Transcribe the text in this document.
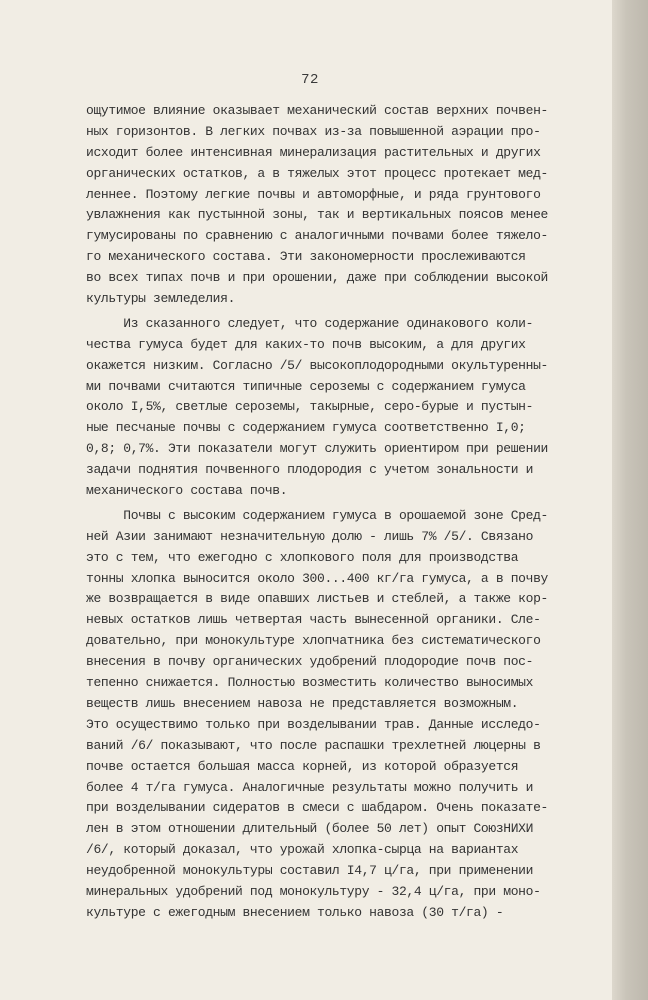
72
ощутимое влияние оказывает механический состав верхних почвен-
ных горизонтов. В легких почвах из-за повышенной аэрации про-
исходит более интенсивная минерализация растительных и других
органических остатков, а в тяжелых этот процесс протекает мед-
леннее. Поэтому легкие почвы и автоморфные, и ряда грунтового
увлажнения как пустынной зоны, так и вертикальных поясов менее
гумусированы по сравнению с аналогичными почвами более тяжело-
го механического состава. Эти закономерности прослеживаются
во всех типах почв и при орошении, даже при соблюдении высокой
культуры земледелия.
Из сказанного следует, что содержание одинакового коли-
чества гумуса будет для каких-то почв высоким, а для других
окажется низким. Согласно /5/ высокоплодородными окультуренны-
ми почвами считаются типичные сероземы с содержанием гумуса
около I,5%, светлые сероземы, такырные, серо-бурые и пустын-
ные песчаные почвы с содержанием гумуса соответственно I,0;
0,8; 0,7%. Эти показатели могут служить ориентиром при решении
задачи поднятия почвенного плодородия с учетом зональности и
механического состава почв.
Почвы с высоким содержанием гумуса в орошаемой зоне Сред-
ней Азии занимают незначительную долю - лишь 7% /5/. Связано
это с тем, что ежегодно с хлопкового поля для производства
тонны хлопка выносится около 300...400 кг/га гумуса, а в почву
же возвращается в виде опавших листьев и стеблей, а также кор-
невых остатков лишь четвертая часть вынесенной органики. Сле-
довательно, при монокультуре хлопчатника без систематического
внесения в почву органических удобрений плодородие почв пос-
тепенно снижается. Полностью возместить количество выносимых
веществ лишь внесением навоза не представляется возможным.
Это осуществимо только при возделывании трав. Данные исследо-
ваний /6/ показывают, что после распашки трехлетней люцерны в
почве остается большая масса корней, из которой образуется
более 4 т/га гумуса. Аналогичные результаты можно получить и
при возделывании сидератов в смеси с шабдаром. Очень показате-
лен в этом отношении длительный (более 50 лет) опыт СоюзНИХИ
/6/, который доказал, что урожай хлопка-сырца на вариантах
неудобренной монокультуры составил I4,7 ц/га, при применении
минеральных удобрений под монокультуру - 32,4 ц/га, при моно-
культуре с ежегодным внесением только навоза (30 т/га) -
